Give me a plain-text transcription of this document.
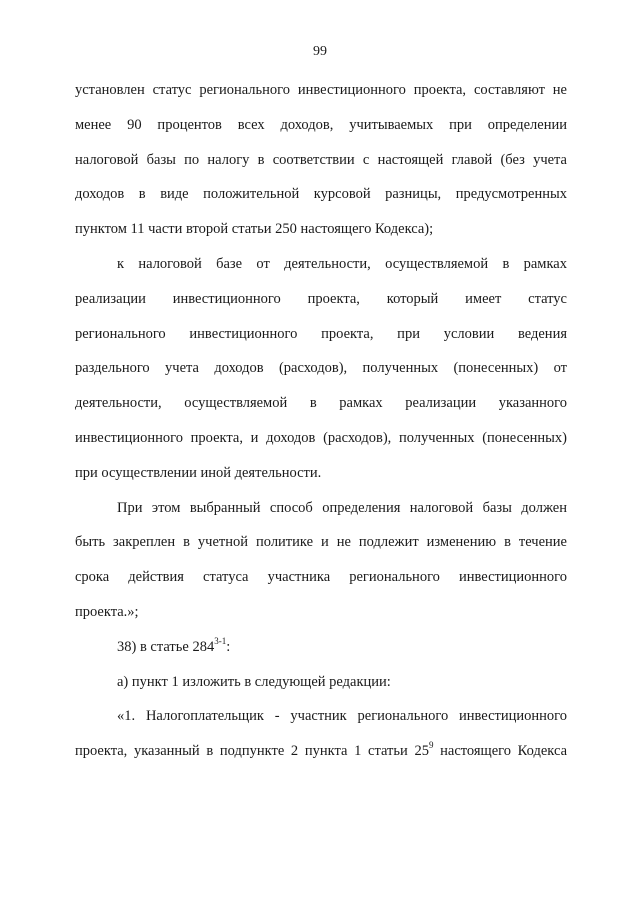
99
установлен статус регионального инвестиционного проекта, составляют не
менее 90 процентов всех доходов, учитываемых при определении
налоговой базы по налогу в соответствии с настоящей главой (без учета
доходов в виде положительной курсовой разницы, предусмотренных
пунктом 11 части второй статьи 250 настоящего Кодекса);
к налоговой базе от деятельности, осуществляемой в рамках
реализации инвестиционного проекта, который имеет статус
регионального инвестиционного проекта, при условии ведения
раздельного учета доходов (расходов), полученных (понесенных) от
деятельности, осуществляемой в рамках реализации указанного
инвестиционного проекта, и доходов (расходов), полученных (понесенных)
при осуществлении иной деятельности.
При этом выбранный способ определения налоговой базы должен
быть закреплен в учетной политике и не подлежит изменению в течение
срока действия статуса участника регионального инвестиционного
проекта.»;
38) в статье 284$^{3-1}$:
а) пункт 1 изложить в следующей редакции:
«1. Налогоплательщик - участник регионального инвестиционного
проекта, указанный в подпункте 2 пункта 1 статьи $25^9$ настоящего Кодекса
